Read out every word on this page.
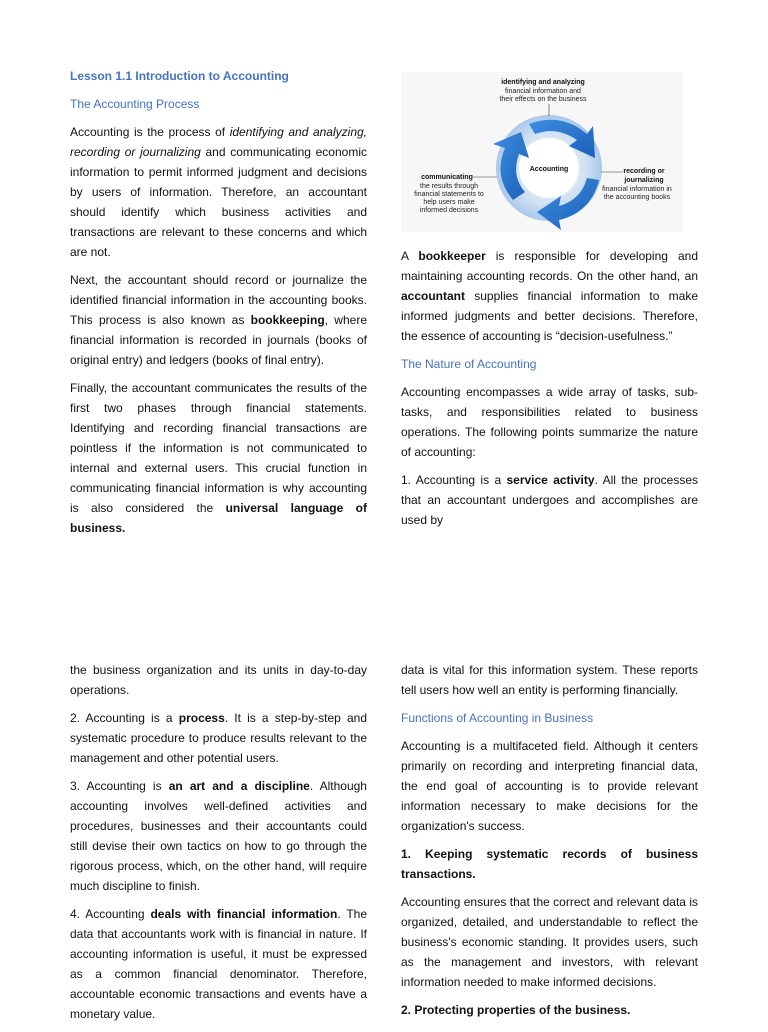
Lesson 1.1 Introduction to Accounting

The Accounting Process

Accounting is the process of identifying and analyzing, recording or journalizing and communicating economic information to permit informed judgment and decisions by users of information. Therefore, an accountant should identify which business activities and transactions are relevant to these concerns and which are not.

Next, the accountant should record or journalize the identified financial information in the accounting books. This process is also known as bookkeeping, where financial information is recorded in journals (books of original entry) and ledgers (books of final entry).

Finally, the accountant communicates the results of the first two phases through financial statements. Identifying and recording financial transactions are pointless if the information is not communicated to internal and external users. This crucial function in communicating financial information is why accounting is also considered the universal language of business.

Accounting
identifying and analyzing
financial information and
their effects on the business
recording or
journalizing
financial information in
the accounting books
communicating
the results through
financial statements to
help users make
informed decisions

A bookkeeper is responsible for developing and maintaining accounting records. On the other hand, an accountant supplies financial information to make informed judgments and better decisions. Therefore, the essence of accounting is “decision-usefulness.”

The Nature of Accounting

Accounting encompasses a wide array of tasks, sub-tasks, and responsibilities related to business operations. The following points summarize the nature of accounting:

1. Accounting is a service activity. All the processes that an accountant undergoes and accomplishes are used by

the business organization and its units in day-to-day operations.

2. Accounting is a process. It is a step-by-step and systematic procedure to produce results relevant to the management and other potential users.

3. Accounting is an art and a discipline. Although accounting involves well-defined activities and procedures, businesses and their accountants could still devise their own tactics on how to go through the rigorous process, which, on the other hand, will require much discipline to finish.

4. Accounting deals with financial information. The data that accountants work with is financial in nature. If accounting information is useful, it must be expressed as a common financial denominator. Therefore, accountable economic transactions and events have a monetary value.

data is vital for this information system. These reports tell users how well an entity is performing financially.

Functions of Accounting in Business

Accounting is a multifaceted field. Although it centers primarily on recording and interpreting financial data, the end goal of accounting is to provide relevant information necessary to make decisions for the organization's success.

1. Keeping systematic records of business transactions.

Accounting ensures that the correct and relevant data is organized, detailed, and understandable to reflect the business's economic standing. It provides users, such as the management and investors, with relevant information needed to make informed decisions.

2. Protecting properties of the business.
